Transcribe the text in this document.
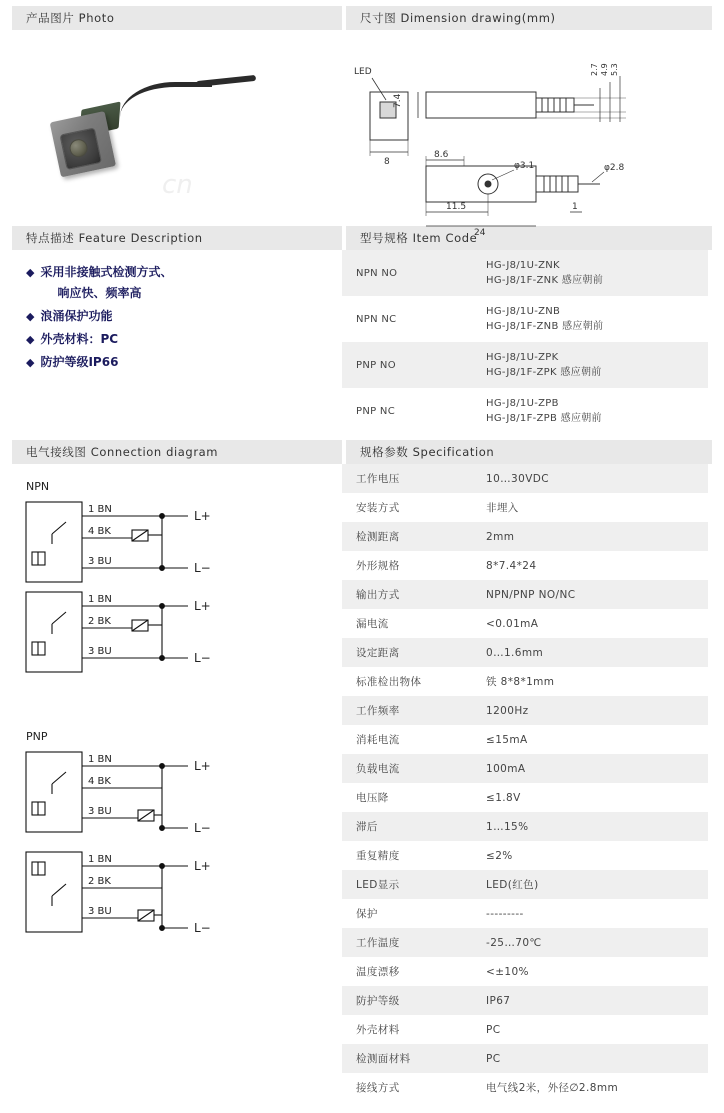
产品图片 Photo	尺寸图 Dimension drawing(mm)
cn
LED
7.4
8
2.7 4.9 5.3
8.6
11.5
24
1
φ3.1	φ2.8
特点描述 Feature Description	型号规格 Item Code
◆ 采用非接触式检测方式、
响应快、频率高
◆ 浪涌保护功能
◆ 外壳材料：PC
◆ 防护等级IP66
NPN NO	HG-J8/1U-ZNK
HG-J8/1F-ZNK 感应朝前
NPN NC	HG-J8/1U-ZNB
HG-J8/1F-ZNB 感应朝前
PNP NO	HG-J8/1U-ZPK
HG-J8/1F-ZPK 感应朝前
PNP NC	HG-J8/1U-ZPB
HG-J8/1F-ZPB 感应朝前
电气接线图 Connection diagram	规格参数 Specification
NPN
PNP
1 BN
4 BK
3 BU
L+
L−
1 BN
2 BK
3 BU
L+
L−
1 BN
4 BK
3 BU
L+
L−
1 BN
2 BK
3 BU
L+
L−
工作电压	10…30VDC
安装方式	非埋入
检测距离	2mm
外形规格	8*7.4*24
输出方式	NPN/PNP NO/NC
漏电流	<0.01mA
设定距离	0…1.6mm
标准检出物体	铁 8*8*1mm
工作频率	1200Hz
消耗电流	≤15mA
负载电流	100mA
电压降	≤1.8V
滞后	1…15%
重复精度	≤2%
LED显示	LED(红色)
保护	---------
工作温度	-25…70℃
温度漂移	<±10%
防护等级	IP67
外壳材料	PC
检测面材料	PC
接线方式	电气线2米，外径∅2.8mm
